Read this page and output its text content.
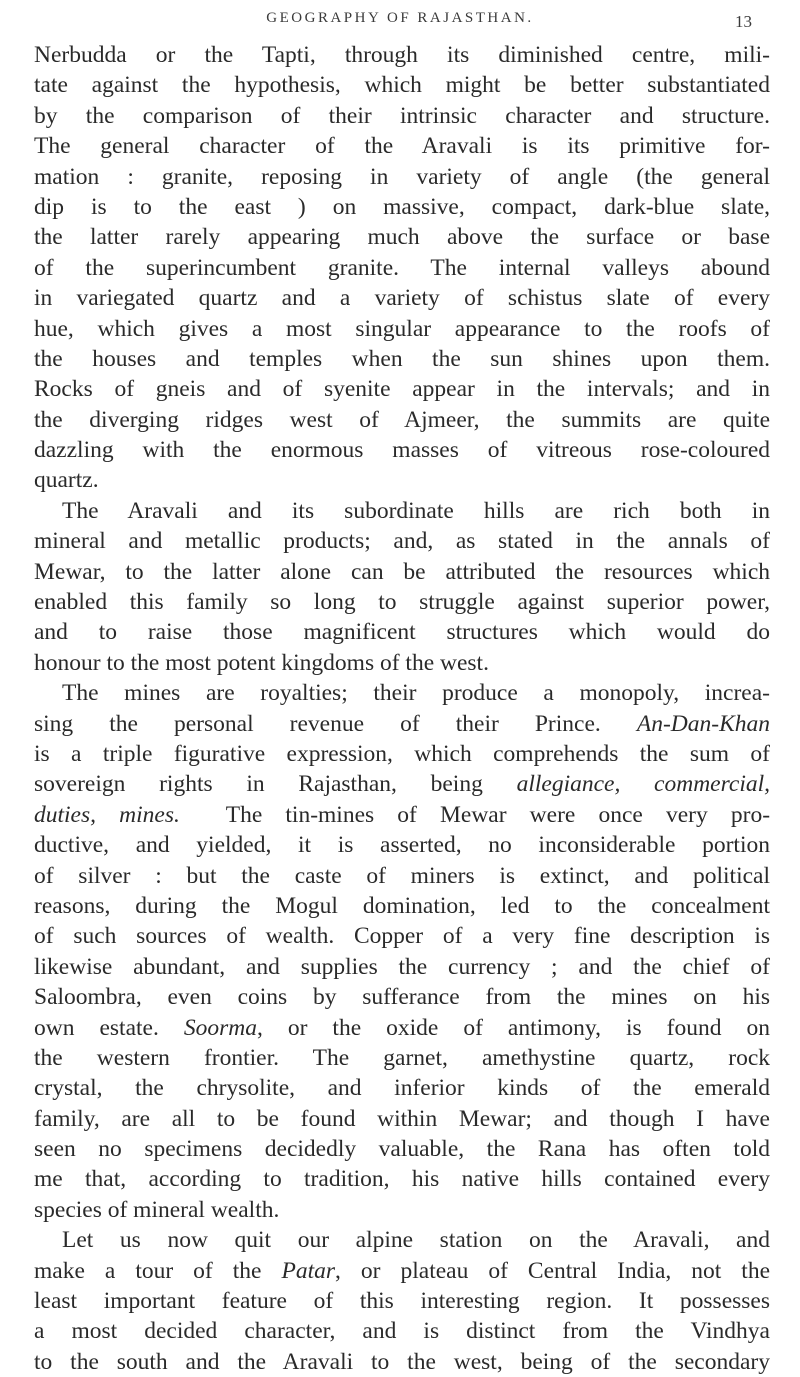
GEOGRAPHY OF RAJASTHAN.	13
Nerbudda or the Tapti, through its diminished centre, mili-
tate against the hypothesis, which might be better substantiated
by the comparison of their intrinsic character and structure.
The general character of the Aravali is its primitive for-
mation : granite, reposing in variety of angle (the general
dip is to the east ) on massive, compact, dark-blue slate,
the latter rarely appearing much above the surface or base
of the superincumbent granite. The internal valleys abound
in variegated quartz and a variety of schistus slate of every
hue, which gives a most singular appearance to the roofs of
the houses and temples when the sun shines upon them.
Rocks of gneis and of syenite appear in the intervals; and in
the diverging ridges west of Ajmeer, the summits are quite
dazzling with the enormous masses of vitreous rose-coloured
quartz.
The Aravali and its subordinate hills are rich both in
mineral and metallic products; and, as stated in the annals of
Mewar, to the latter alone can be attributed the resources which
enabled this family so long to struggle against superior power,
and to raise those magnificent structures which would do
honour to the most potent kingdoms of the west.
The mines are royalties; their produce a monopoly, increa-
sing the personal revenue of their Prince. An-Dan-Khan
is a triple figurative expression, which comprehends the sum of
sovereign rights in Rajasthan, being allegiance, commercial,
duties, mines. The tin-mines of Mewar were once very pro-
ductive, and yielded, it is asserted, no inconsiderable portion
of silver : but the caste of miners is extinct, and political
reasons, during the Mogul domination, led to the concealment
of such sources of wealth. Copper of a very fine description is
likewise abundant, and supplies the currency ; and the chief of
Saloombra, even coins by sufferance from the mines on his
own estate. Soorma, or the oxide of antimony, is found on
the western frontier. The garnet, amethystine quartz, rock
crystal, the chrysolite, and inferior kinds of the emerald
family, are all to be found within Mewar; and though I have
seen no specimens decidedly valuable, the Rana has often told
me that, according to tradition, his native hills contained every
species of mineral wealth.
Let us now quit our alpine station on the Aravali, and
make a tour of the Patar, or plateau of Central India, not the
least important feature of this interesting region. It possesses
a most decided character, and is distinct from the Vindhya
to the south and the Aravali to the west, being of the secondary
